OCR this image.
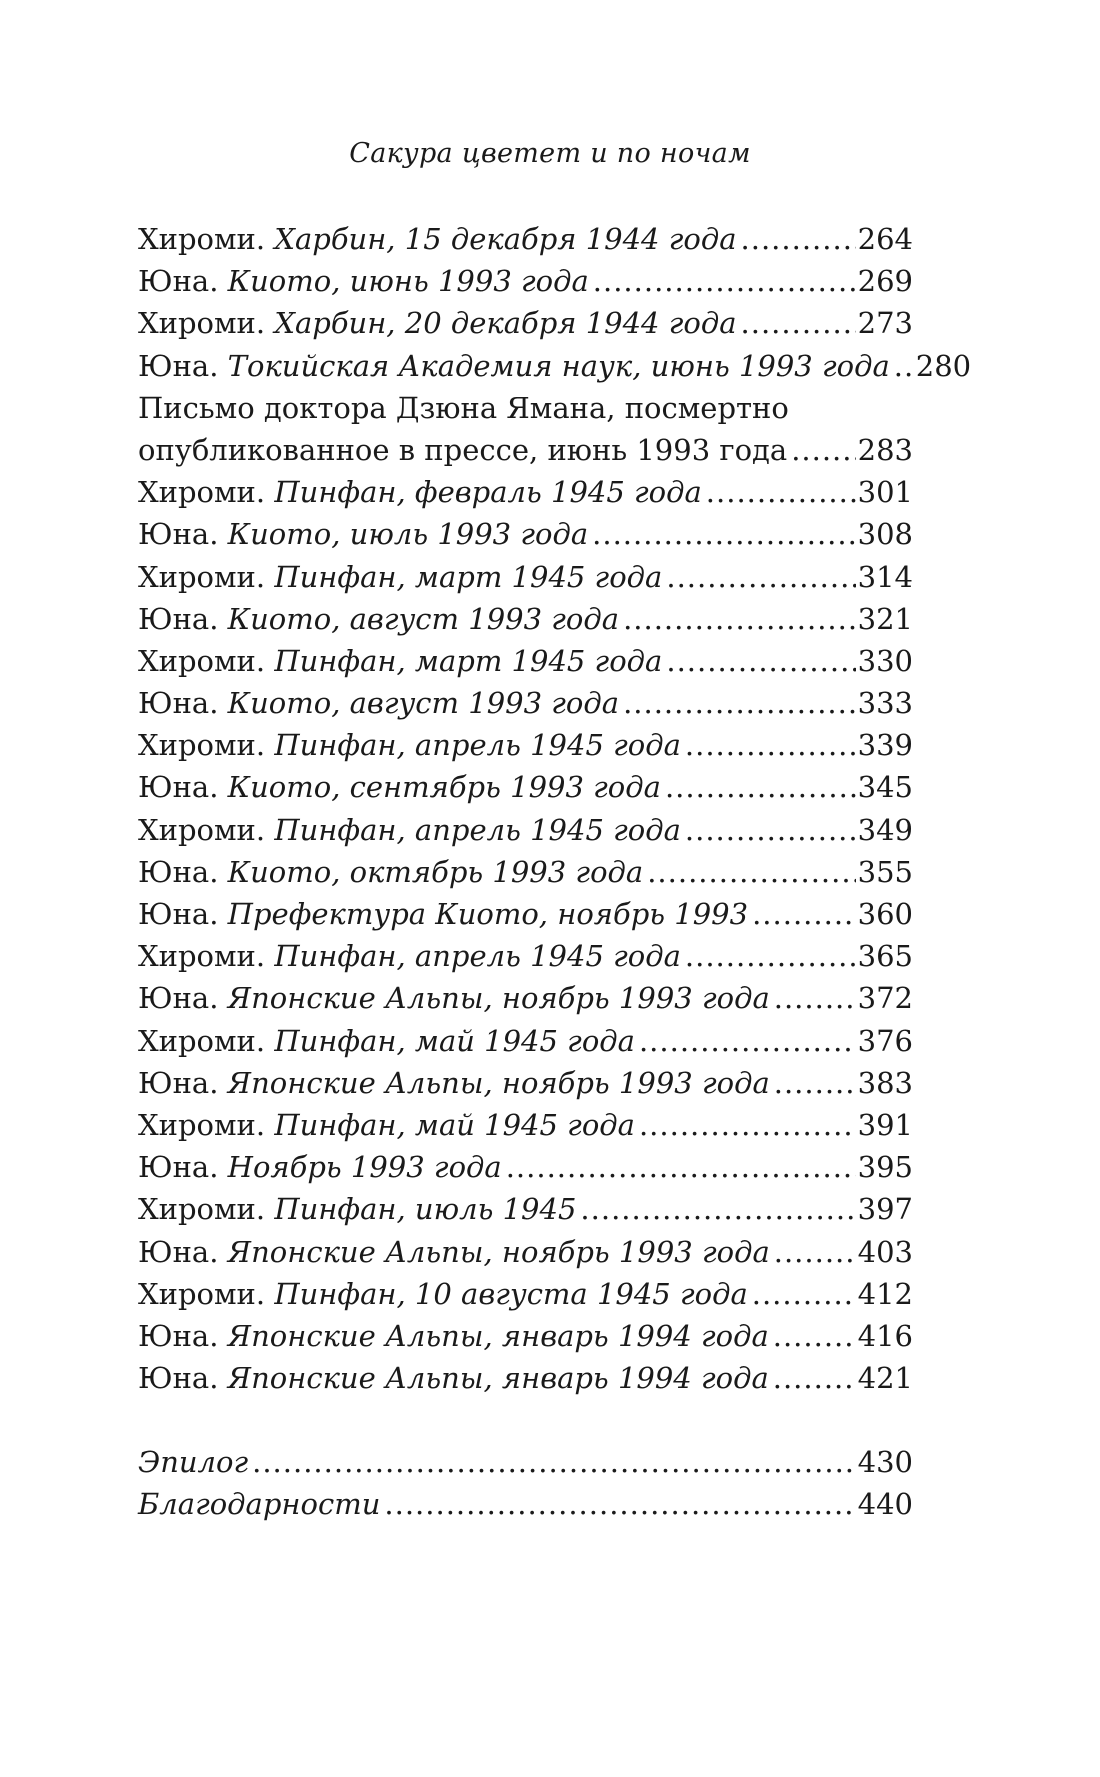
Сакура цветет и по ночам
Хироми. Харбин, 15 декабря 1944 года .....	264
Юна. Киото, июнь 1993 года .....	269
Хироми. Харбин, 20 декабря 1944 года .....	273
Юна. Токийская Академия наук, июнь 1993 года ..... 280
Письмо доктора Дзюна Ямана, посмертно
опубликованное в прессе, июнь 1993 года ..... 283
Хироми. Пинфан, февраль 1945 года .....	301
Юна. Киото, июль 1993 года .....	308
Хироми. Пинфан, март 1945 года .....	314
Юна. Киото, август 1993 года .....	321
Хироми. Пинфан, март 1945 года .....	330
Юна. Киото, август 1993 года .....	333
Хироми. Пинфан, апрель 1945 года .....	339
Юна. Киото, сентябрь 1993 года .....	345
Хироми. Пинфан, апрель 1945 года .....	349
Юна. Киото, октябрь 1993 года .....	355
Юна. Префектура Киото, ноябрь 1993 .....	360
Хироми. Пинфан, апрель 1945 года .....	365
Юна. Японские Альпы, ноябрь 1993 года .....	372
Хироми. Пинфан, май 1945 года .....	376
Юна. Японские Альпы, ноябрь 1993 года .....	383
Хироми. Пинфан, май 1945 года .....	391
Юна. Ноябрь 1993 года .....	395
Хироми. Пинфан, июль 1945 .....	397
Юна. Японские Альпы, ноябрь 1993 года .....	403
Хироми. Пинфан, 10 августа 1945 года .....	412
Юна. Японские Альпы, январь 1994 года .....	416
Юна. Японские Альпы, январь 1994 года .....	421
Эпилог .....	430
Благодарности .....	440
